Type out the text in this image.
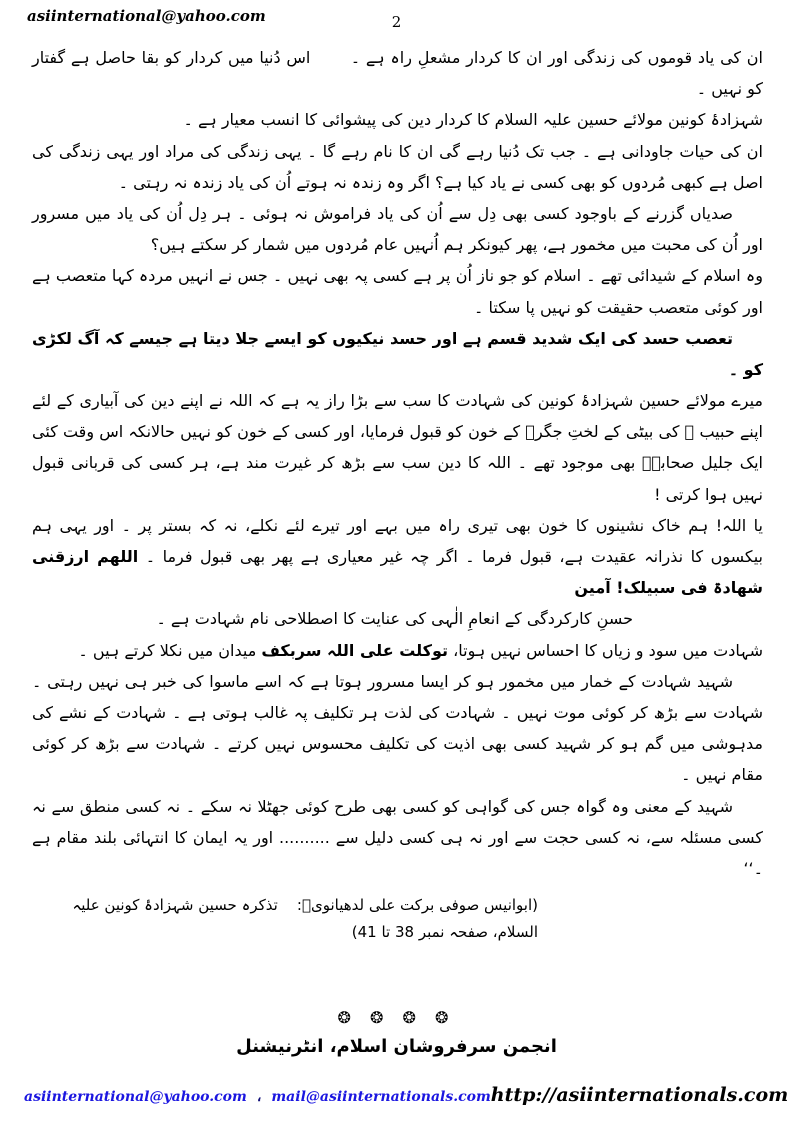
asiinternational@yahoo.com	2

ان کی یاد قوموں کی زندگی اور ان کا کردار مشعلِ راہ ہے ۔       اس دُنیا میں کردار کو بقا حاصل ہے گفتار کو نہیں ۔

شہزادۂ کونین مولائے حسین علیہ السلام کا کردار دین کی پیشوائی کا انسب معیار ہے ۔

ان کی حیات جاودانی ہے ۔ جب تک دُنیا رہے گی ان کا نام رہے گا ۔ یہی زندگی کی مراد اور یہی زندگی کی اصل ہے کبھی مُردوں کو بھی کسی نے یاد کیا ہے؟ اگر وہ زندہ نہ ہوتے اُن کی یاد زندہ نہ رہتی ۔

صدیاں گزرنے کے باوجود کسی بھی دِل سے اُن کی یاد فراموش نہ ہوئی ۔ ہر دِل اُن کی یاد میں مسرور اور اُن کی محبت میں مخمور ہے، پھر کیونکر ہم اُنہیں عام مُردوں میں شمار کر سکتے ہیں؟

وہ اسلام کے شیدائی تھے ۔ اسلام کو جو ناز اُن پر ہے کسی پہ بھی نہیں ۔ جس نے انہیں مردہ کہا متعصب ہے اور کوئی متعصب حقیقت کو نہیں پا سکتا ۔

تعصب حسد کی ایک شدید قسم ہے اور حسد نیکیوں کو ایسے جلا دیتا ہے جیسے کہ آگ لکڑی کو ۔

میرے مولائے حسین شہزادۂ کونین کی شہادت کا سب سے بڑا راز یہ ہے کہ اللہ نے اپنے دین کی آبیاری کے لئے اپنے حبیب ﷺ کی بیٹی کے لختِ جگرؑ کے خون کو قبول فرمایا، اور کسی کے خون کو نہیں حالانکہ اس وقت کئی ایک جلیل صحابہؓ بھی موجود تھے ۔ اللہ کا دین سب سے بڑھ کر غیرت مند ہے، ہر کسی کی قربانی قبول نہیں ہوا کرتی !

یا اللہ! ہم خاک نشینوں کا خون بھی تیری راہ میں بہے اور تیرے لئے نکلے، نہ کہ بستر پر ۔ اور یہی ہم بیکسوں کا نذرانہ عقیدت ہے، قبول فرما ۔ اگر چہ غیر معیاری ہے پھر بھی قبول فرما ۔ اللھم ارزقنی شھادۃ فی سبیلک! آمین

حسنِ کارکردگی کے انعامِ الٰہی کی عنایت کا اصطلاحی نام شہادت ہے ۔

شہادت میں سود و زیاں کا احساس نہیں ہوتا، توکلت علی اللہ سربکف میدان میں نکلا کرتے ہیں ۔

شہید شہادت کے خمار میں مخمور ہو کر ایسا مسرور ہوتا ہے کہ اسے ماسوا کی خبر ہی نہیں رہتی ۔ شہادت سے بڑھ کر کوئی موت نہیں ۔ شہادت کی لذت ہر تکلیف پہ غالب ہوتی ہے ۔ شہادت کے نشے کی مدہوشی میں گم ہو کر شہید کسی بھی اذیت کی تکلیف محسوس نہیں کرتے ۔ شہادت سے بڑھ کر کوئی مقام نہیں ۔

شہید کے معنی وہ گواہ جس کی گواہی کو کسی بھی طرح کوئی جھٹلا نہ سکے ۔ نہ کسی منطق سے نہ کسی مسئلہ سے، نہ کسی حجت سے اور نہ ہی کسی دلیل سے .......... اور یہ ایمان کا انتہائی بلند مقام ہے ۔‘‘

(ابوانیس صوفی برکت علی لدھیانویؒ:    تذکرہ حسین شہزادۂ کونین علیہ السلام، صفحہ نمبر 38 تا 41)
❂ ❂ ❂ ❂
انجمن سرفروشان اسلام، انٹرنیشنل
asiinternational@yahoo.com ، mail@asiinternationals.com http://asiinternationals.com
